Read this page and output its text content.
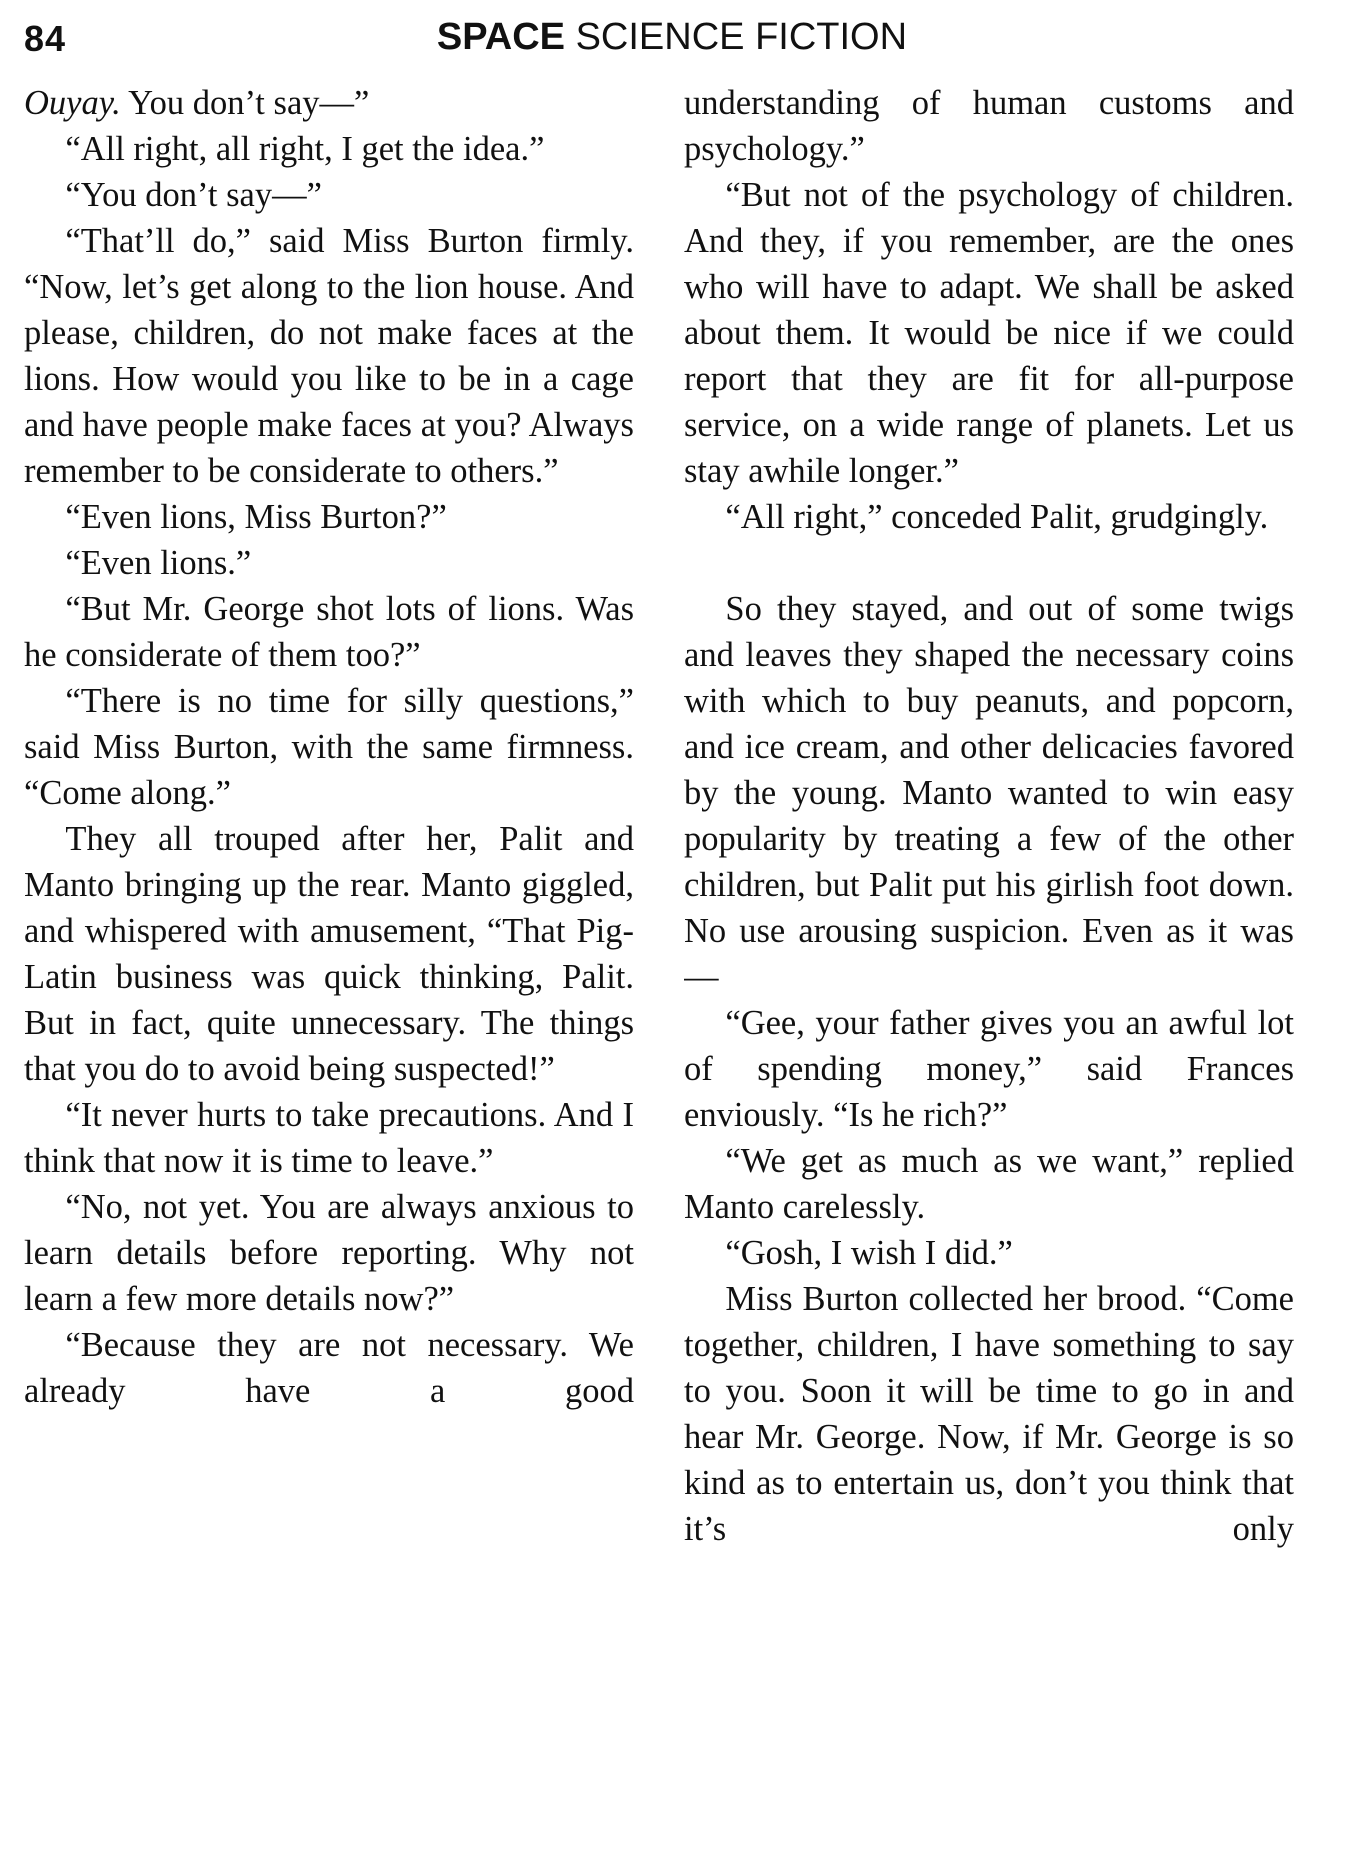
84	SPACE SCIENCE FICTION

Ouyay. You don’t say—”

“All right, all right, I get the idea.”

“You don’t say—”

“That’ll do,” said Miss Burton firmly. “Now, let’s get along to the lion house. And please, children, do not make faces at the lions. How would you like to be in a cage and have people make faces at you? Always remember to be considerate to others.”

“Even lions, Miss Burton?”

“Even lions.”

“But Mr. George shot lots of lions. Was he considerate of them too?”

“There is no time for silly questions,” said Miss Burton, with the same firmness. “Come along.”

They all trouped after her, Palit and Manto bringing up the rear. Manto giggled, and whispered with amusement, “That Pig-Latin business was quick thinking, Palit. But in fact, quite unnecessary. The things that you do to avoid being suspected!”

“It never hurts to take precautions. And I think that now it is time to leave.”

“No, not yet. You are always anxious to learn details before reporting. Why not learn a few more details now?”

“Because they are not necessary. We already have a good

understanding of human customs and psychology.”

“But not of the psychology of children. And they, if you remember, are the ones who will have to adapt. We shall be asked about them. It would be nice if we could report that they are fit for all-purpose service, on a wide range of planets. Let us stay awhile longer.”

“All right,” conceded Palit, grudgingly.

So they stayed, and out of some twigs and leaves they shaped the necessary coins with which to buy peanuts, and popcorn, and ice cream, and other delicacies favored by the young. Manto wanted to win easy popularity by treating a few of the other children, but Palit put his girlish foot down. No use arousing suspicion. Even as it was—

“Gee, your father gives you an awful lot of spending money,” said Frances enviously. “Is he rich?”

“We get as much as we want,” replied Manto carelessly.

“Gosh, I wish I did.”

Miss Burton collected her brood. “Come together, children, I have something to say to you. Soon it will be time to go in and hear Mr. George. Now, if Mr. George is so kind as to entertain us, don’t you think that it’s only
